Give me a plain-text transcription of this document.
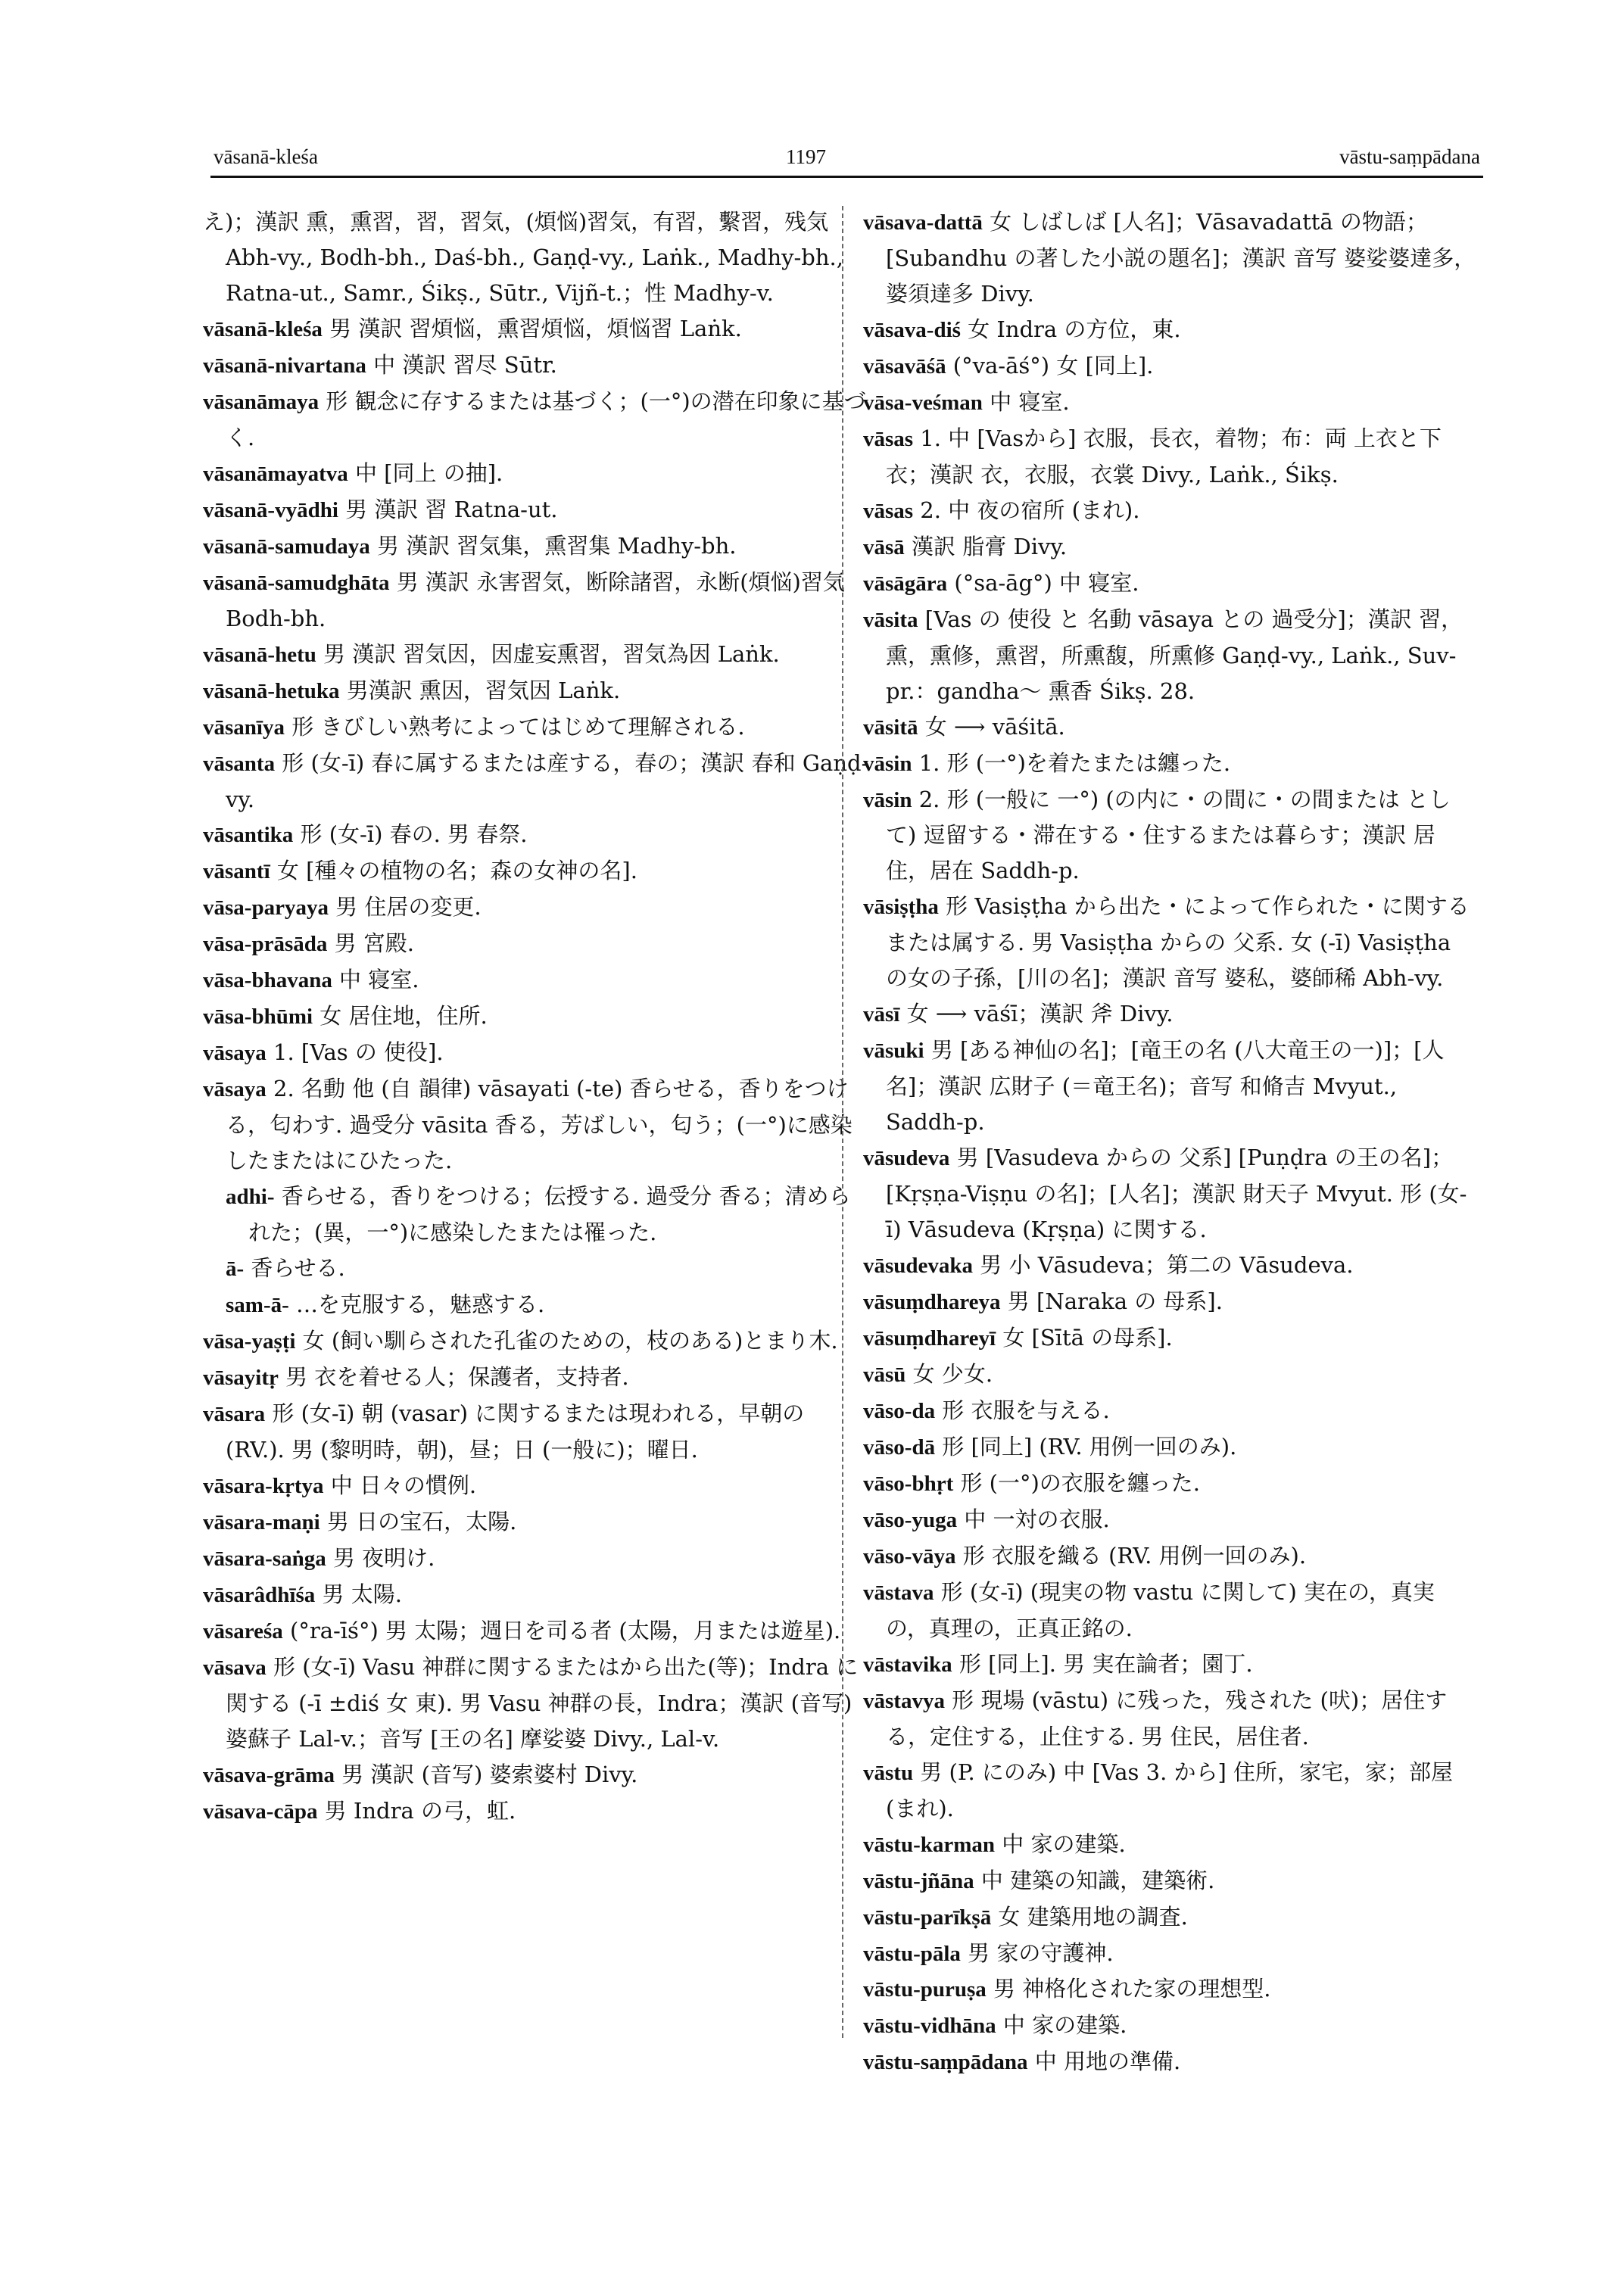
vāsanā-kleśa	1197	vāstu-saṃpādana
え)；漢訳 熏，熏習，習，習気，(煩悩)習気，有習，繫習，残気 Abh-vy., Bodh-bh., Daś-bh., Gaṇḍ-vy., Laṅk., Madhy-bh., Ratna-ut., Samr., Śikṣ., Sūtr., Vijñ-t.；性 Madhy-v.
vāsanā-kleśa 男 漢訳 習煩悩，熏習煩悩，煩悩習 Laṅk.
vāsanā-nivartana 中 漢訳 習尽 Sūtr.
vāsanāmaya 形 観念に存するまたは基づく；(一°)の潜在印象に基づく.
vāsanāmayatva 中 [同上 の抽].
vāsanā-vyādhi 男 漢訳 習 Ratna-ut.
vāsanā-samudaya 男 漢訳 習気集，熏習集 Madhy-bh.
vāsanā-samudghāta 男 漢訳 永害習気，断除諸習，永断(煩悩)習気 Bodh-bh.
vāsanā-hetu 男 漢訳 習気因，因虚妄熏習，習気為因 Laṅk.
vāsanā-hetuka 男漢訳 熏因，習気因 Laṅk.
vāsanīya 形 きびしい熟考によってはじめて理解される.
vāsanta 形 (女-ī) 春に属するまたは産する，春の；漢訳 春和 Gaṇḍ-vy.
vāsantika 形 (女-ī) 春の. 男 春祭.
vāsantī 女 [種々の植物の名；森の女神の名].
vāsa-paryaya 男 住居の変更.
vāsa-prāsāda 男 宮殿.
vāsa-bhavana 中 寝室.
vāsa-bhūmi 女 居住地，住所.
vāsaya 1. [Vas の 使役].
vāsaya 2. 名動 他 (自 韻律) vāsayati (-te) 香らせる，香りをつける，匂わす. 過受分 vāsita 香る，芳ばしい，匂う；(一°)に感染したまたはにひたった.
adhi- 香らせる，香りをつける；伝授する. 過受分 香る；清められた；(異，一°)に感染したまたは罹った.
ā- 香らせる.
sam-ā- …を克服する，魅惑する.
vāsa-yaṣṭi 女 (飼い馴らされた孔雀のための，枝のある)とまり木.
vāsayitṛ 男 衣を着せる人；保護者，支持者.
vāsara 形 (女-ī) 朝 (vasar) に関するまたは現われる，早朝の (RV.). 男 (黎明時，朝)，昼；日 (一般に)；曜日.
vāsara-kṛtya 中 日々の慣例.
vāsara-maṇi 男 日の宝石，太陽.
vāsara-saṅga 男 夜明け.
vāsarâdhīśa 男 太陽.
vāsareśa (°ra-īś°) 男 太陽；週日を司る者 (太陽，月または遊星).
vāsava 形 (女-ī) Vasu 神群に関するまたはから出た(等)；Indra に関する (-ī ±diś 女 東). 男 Vasu 神群の長，Indra；漢訳 (音写) 婆蘇子 Lal-v.；音写 [王の名] 摩娑婆 Divy., Lal-v.
vāsava-grāma 男 漢訳 (音写) 婆索婆村 Divy.
vāsava-cāpa 男 Indra の弓，虹.
vāsava-dattā 女 しばしば [人名]；Vāsavadattā の物語；[Subandhu の著した小説の題名]；漢訳 音写 婆娑婆達多，婆須達多 Divy.
vāsava-diś 女 Indra の方位，東.
vāsavāśā (°va-āś°) 女 [同上].
vāsa-veśman 中 寝室.
vāsas 1. 中 [Vasから] 衣服，長衣，着物；布：両 上衣と下衣；漢訳 衣，衣服，衣裳 Divy., Laṅk., Śikṣ.
vāsas 2. 中 夜の宿所 (まれ).
vāsā 漢訳 脂膏 Divy.
vāsāgāra (°sa-āg°) 中 寝室.
vāsita [Vas の 使役 と 名動 vāsaya との 過受分]；漢訳 習，熏，熏修，熏習，所熏馥，所熏修 Gaṇḍ-vy., Laṅk., Suv-pr.：gandha～ 熏香 Śikṣ. 28.
vāsitā 女 ⟶ vāśitā.
vāsin 1. 形 (一°)を着たまたは纏った.
vāsin 2. 形 (一般に 一°) (の内に・の間に・の間または として) 逗留する・滞在する・住するまたは暮らす；漢訳 居住，居在 Saddh-p.
vāsiṣṭha 形 Vasiṣṭha から出た・によって作られた・に関するまたは属する. 男 Vasiṣṭha からの 父系. 女 (-ī) Vasiṣṭha の女の子孫，[川の名]；漢訳 音写 婆私，婆師稀 Abh-vy.
vāsī 女 ⟶ vāśī；漢訳 斧 Divy.
vāsuki 男 [ある神仙の名]；[竜王の名 (八大竜王の一)]；[人名]；漢訳 広財子 (＝竜王名)；音写 和脩吉 Mvyut., Saddh-p.
vāsudeva 男 [Vasudeva からの 父系] [Puṇḍra の王の名]；[Kṛṣṇa-Viṣṇu の名]；[人名]；漢訳 財天子 Mvyut. 形 (女-ī) Vāsudeva (Kṛṣṇa) に関する.
vāsudevaka 男 小 Vāsudeva；第二の Vāsudeva.
vāsuṃdhareya 男 [Naraka の 母系].
vāsuṃdhareyī 女 [Sītā の母系].
vāsū 女 少女.
vāso-da 形 衣服を与える.
vāso-dā 形 [同上] (RV. 用例一回のみ).
vāso-bhṛt 形 (一°)の衣服を纏った.
vāso-yuga 中 一対の衣服.
vāso-vāya 形 衣服を織る (RV. 用例一回のみ).
vāstava 形 (女-ī) (現実の物 vastu に関して) 実在の，真実の，真理の，正真正銘の.
vāstavika 形 [同上]. 男 実在論者；園丁.
vāstavya 形 現場 (vāstu) に残った，残された (吠)；居住する，定住する，止住する. 男 住民，居住者.
vāstu 男 (P. にのみ) 中 [Vas 3. から] 住所，家宅，家；部屋 (まれ).
vāstu-karman 中 家の建築.
vāstu-jñāna 中 建築の知識，建築術.
vāstu-parīkṣā 女 建築用地の調査.
vāstu-pāla 男 家の守護神.
vāstu-puruṣa 男 神格化された家の理想型.
vāstu-vidhāna 中 家の建築.
vāstu-saṃpādana 中 用地の準備.
